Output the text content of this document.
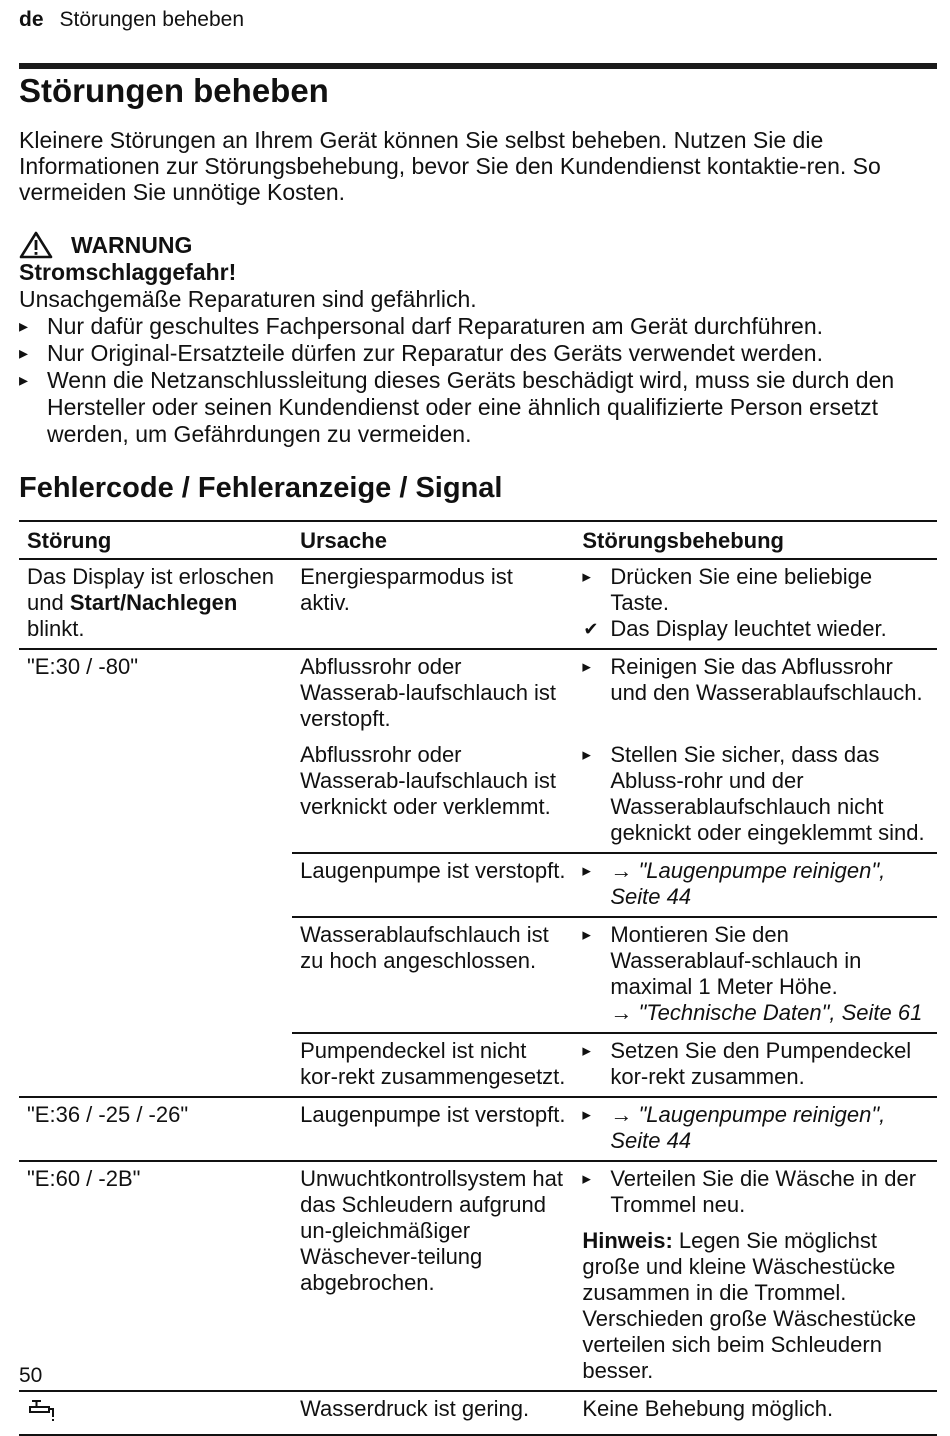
de Störungen beheben
Störungen beheben

Kleinere Störungen an Ihrem Gerät können Sie selbst beheben. Nutzen Sie die Informationen zur Störungsbehebung, bevor Sie den Kundendienst kontaktie-ren. So vermeiden Sie unnötige Kosten.

WARNUNG
Stromschlaggefahr!
Unsachgemäße Reparaturen sind gefährlich.
▸ Nur dafür geschultes Fachpersonal darf Reparaturen am Gerät durchführen.
▸ Nur Original-Ersatzteile dürfen zur Reparatur des Geräts verwendet werden.
▸ Wenn die Netzanschlussleitung dieses Geräts beschädigt wird, muss sie durch den Hersteller oder seinen Kundendienst oder eine ähnlich qualifizierte Person ersetzt werden, um Gefährdungen zu vermeiden.
Fehlercode / Fehleranzeige / Signal
Störung	Ursache	Störungsbehebung
Das Display ist erloschen und Start/Nachlegen blinkt.	Energiesparmodus ist aktiv.	▸ Drücken Sie eine beliebige Taste.
✔ Das Display leuchtet wieder.

"E:30 / -80"	Abflussrohr oder Wasserab-laufschlauch ist verstopft.	▸ Reinigen Sie das Abflussrohr und den Wasserablaufschlauch.

	Abflussrohr oder Wasserab-laufschlauch ist verknickt oder verklemmt.	▸ Stellen Sie sicher, dass das Abluss-rohr und der Wasserablaufschlauch nicht geknickt oder eingeklemmt sind.

	Laugenpumpe ist verstopft.	▸ → "Laugenpumpe reinigen", Seite 44

	Wasserablaufschlauch ist zu hoch angeschlossen.	▸ Montieren Sie den Wasserablauf-schlauch in maximal 1 Meter Höhe.
→ "Technische Daten", Seite 61

	Pumpendeckel ist nicht kor-rekt zusammengesetzt.	▸ Setzen Sie den Pumpendeckel kor-rekt zusammen.

"E:36 / -25 / -26"	Laugenpumpe ist verstopft.	▸ → "Laugenpumpe reinigen", Seite 44

"E:60 / -2B"	Unwuchtkontrollsystem hat das Schleudern aufgrund un-gleichmäßiger Wäschever-teilung abgebrochen.	▸ Verteilen Sie die Wäsche in der Trommel neu.
Hinweis: Legen Sie möglichst große und kleine Wäschestücke zusammen in die Trommel. Verschieden große Wäschestücke verteilen sich beim Schleudern besser.

	Wasserdruck ist gering.	Keine Behebung möglich.
50
